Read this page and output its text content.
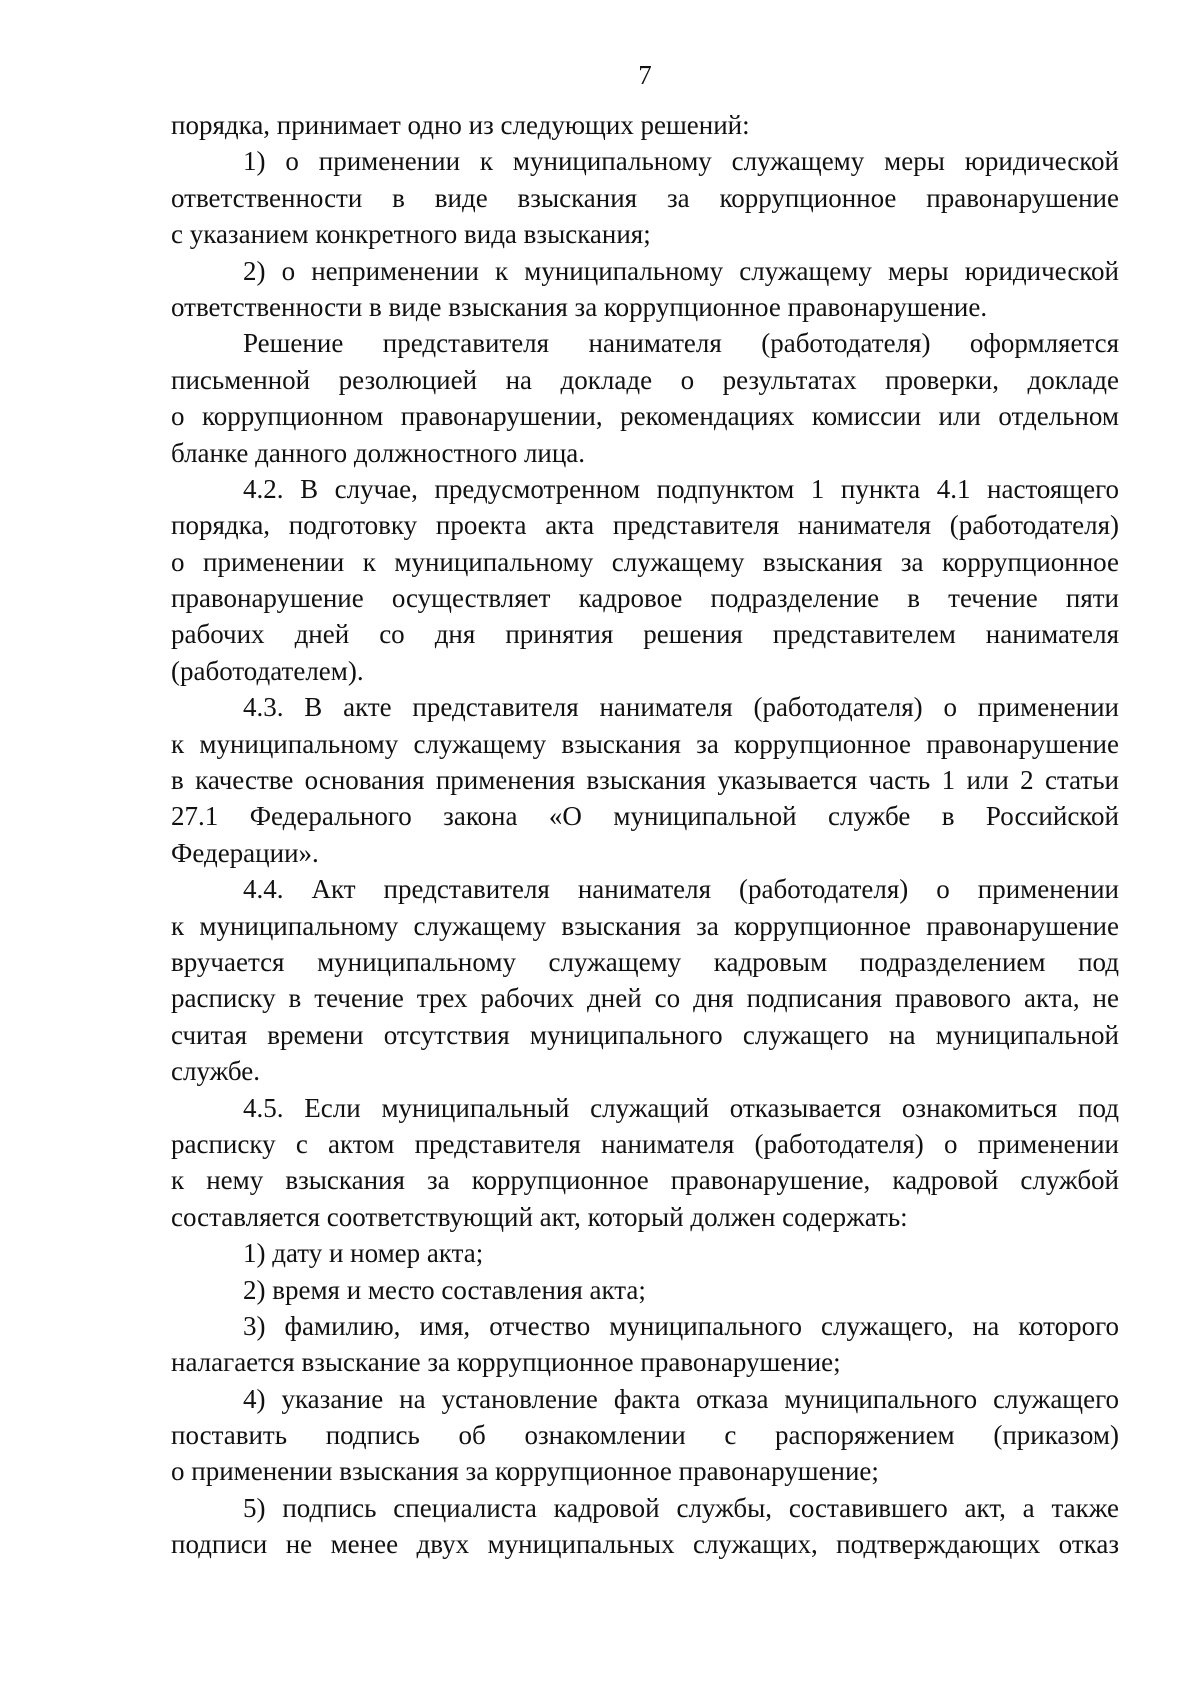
7
порядка, принимает одно из следующих решений:
1) о применении к муниципальному служащему меры юридической
ответственности в виде взыскания за коррупционное правонарушение
с указанием конкретного вида взыскания;
2) о неприменении к муниципальному служащему меры юридической
ответственности в виде взыскания за коррупционное правонарушение.
Решение представителя нанимателя (работодателя) оформляется
письменной резолюцией на докладе о результатах проверки, докладе
о коррупционном правонарушении, рекомендациях комиссии или отдельном
бланке данного должностного лица.
4.2. В случае, предусмотренном подпунктом 1 пункта 4.1 настоящего
порядка, подготовку проекта акта представителя нанимателя (работодателя)
о применении к муниципальному служащему взыскания за коррупционное
правонарушение осуществляет кадровое подразделение в течение пяти
рабочих дней со дня принятия решения представителем нанимателя
(работодателем).
4.3. В акте представителя нанимателя (работодателя) о применении
к муниципальному служащему взыскания за коррупционное правонарушение
в качестве основания применения взыскания указывается часть 1 или 2 статьи
27.1 Федерального закона «О муниципальной службе в Российской
Федерации».
4.4. Акт представителя нанимателя (работодателя) о применении
к муниципальному служащему взыскания за коррупционное правонарушение
вручается муниципальному служащему кадровым подразделением под
расписку в течение трех рабочих дней со дня подписания правового акта, не
считая времени отсутствия муниципального служащего на муниципальной
службе.
4.5. Если муниципальный служащий отказывается ознакомиться под
расписку с актом представителя нанимателя (работодателя) о применении
к нему взыскания за коррупционное правонарушение, кадровой службой
составляется соответствующий акт, который должен содержать:
1) дату и номер акта;
2) время и место составления акта;
3) фамилию, имя, отчество муниципального служащего, на которого
налагается взыскание за коррупционное правонарушение;
4) указание на установление факта отказа муниципального служащего
поставить подпись об ознакомлении с распоряжением (приказом)
о применении взыскания за коррупционное правонарушение;
5) подпись специалиста кадровой службы, составившего акт, а также
подписи не менее двух муниципальных служащих, подтверждающих отказ
